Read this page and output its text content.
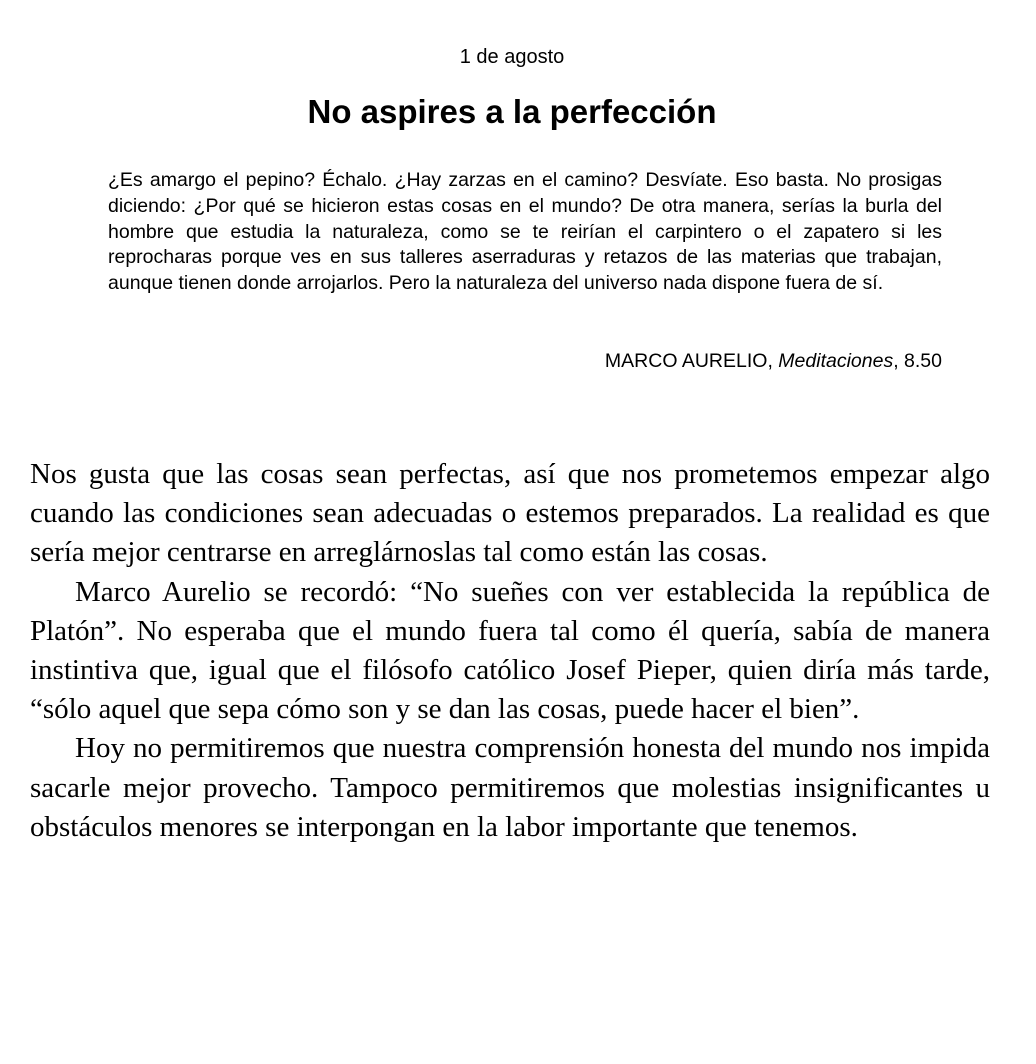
1 de agosto
No aspires a la perfección

¿Es amargo el pepino? Échalo. ¿Hay zarzas en el camino? Desvíate. Eso basta. No prosigas diciendo: ¿Por qué se hicieron estas cosas en el mundo? De otra manera, serías la burla del hombre que estudia la naturaleza, como se te reirían el carpintero o el zapatero si les reprocharas porque ves en sus talleres aserraduras y retazos de las materias que trabajan, aunque tienen donde arrojarlos. Pero la naturaleza del universo nada dispone fuera de sí.

MARCO AURELIO, Meditaciones, 8.50

Nos gusta que las cosas sean perfectas, así que nos prometemos empezar algo cuando las condiciones sean adecuadas o estemos preparados. La realidad es que sería mejor centrarse en arreglárnoslas tal como están las cosas.

Marco Aurelio se recordó: “No sueñes con ver establecida la república de Platón”. No esperaba que el mundo fuera tal como él quería, sabía de manera instintiva que, igual que el filósofo católico Josef Pieper, quien diría más tarde, “sólo aquel que sepa cómo son y se dan las cosas, puede hacer el bien”.

Hoy no permitiremos que nuestra comprensión honesta del mundo nos impida sacarle mejor provecho. Tampoco permitiremos que molestias insignificantes u obstáculos menores se interpongan en la labor importante que tenemos.
